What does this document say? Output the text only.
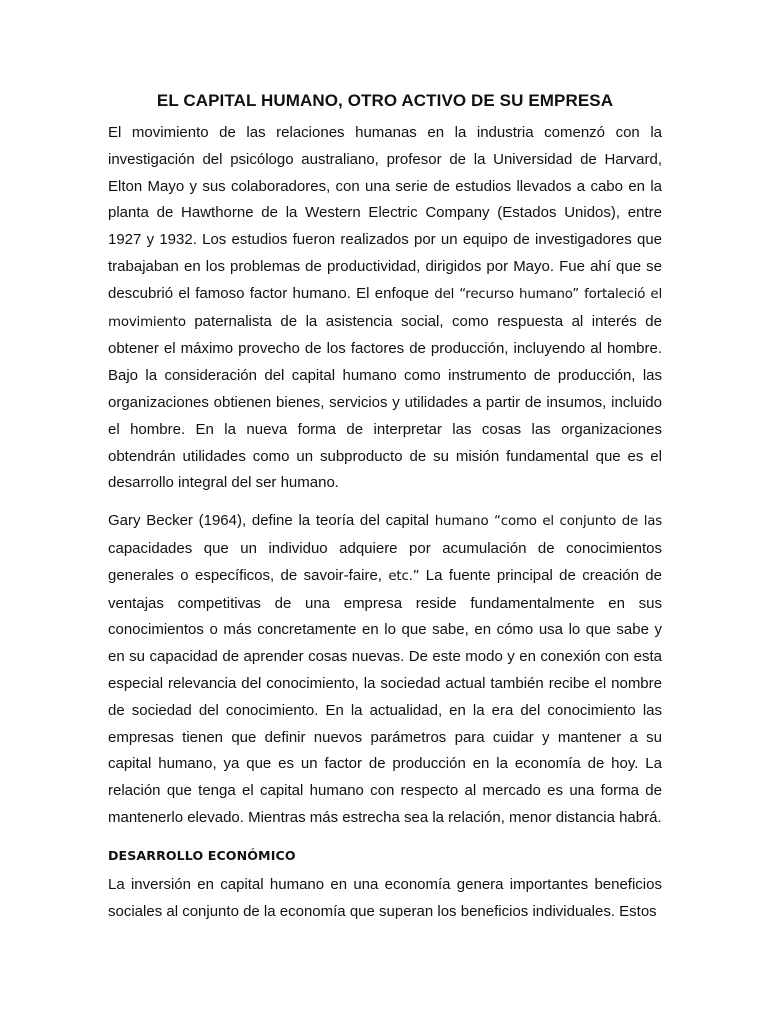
EL CAPITAL HUMANO, OTRO ACTIVO DE SU EMPRESA

El movimiento de las relaciones humanas en la industria comenzó con la investigación del psicólogo australiano, profesor de la Universidad de Harvard, Elton Mayo y sus colaboradores, con una serie de estudios llevados a cabo en la planta de Hawthorne de la Western Electric Company (Estados Unidos), entre 1927 y 1932. Los estudios fueron realizados por un equipo de investigadores que trabajaban en los problemas de productividad, dirigidos por Mayo. Fue ahí que se descubrió el famoso factor humano. El enfoque del “recurso humano” fortaleció el movimiento paternalista de la asistencia social, como respuesta al interés de obtener el máximo provecho de los factores de producción, incluyendo al hombre. Bajo la consideración del capital humano como instrumento de producción, las organizaciones obtienen bienes, servicios y utilidades a partir de insumos, incluido el hombre. En la nueva forma de interpretar las cosas las organizaciones obtendrán utilidades como un subproducto de su misión fundamental que es el desarrollo integral del ser humano.

Gary Becker (1964), define la teoría del capital humano “como el conjunto de las capacidades que un individuo adquiere por acumulación de conocimientos generales o específicos, de savoir-faire, etc.” La fuente principal de creación de ventajas competitivas de una empresa reside fundamentalmente en sus conocimientos o más concretamente en lo que sabe, en cómo usa lo que sabe y en su capacidad de aprender cosas nuevas. De este modo y en conexión con esta especial relevancia del conocimiento, la sociedad actual también recibe el nombre de sociedad del conocimiento. En la actualidad, en la era del conocimiento las empresas tienen que definir nuevos parámetros para cuidar y mantener a su capital humano, ya que es un factor de producción en la economía de hoy. La relación que tenga el capital humano con respecto al mercado es una forma de mantenerlo elevado. Mientras más estrecha sea la relación, menor distancia habrá.

DESARROLLO ECONÓMICO

La inversión en capital humano en una economía genera importantes beneficios sociales al conjunto de la economía que superan los beneficios individuales. Estos
